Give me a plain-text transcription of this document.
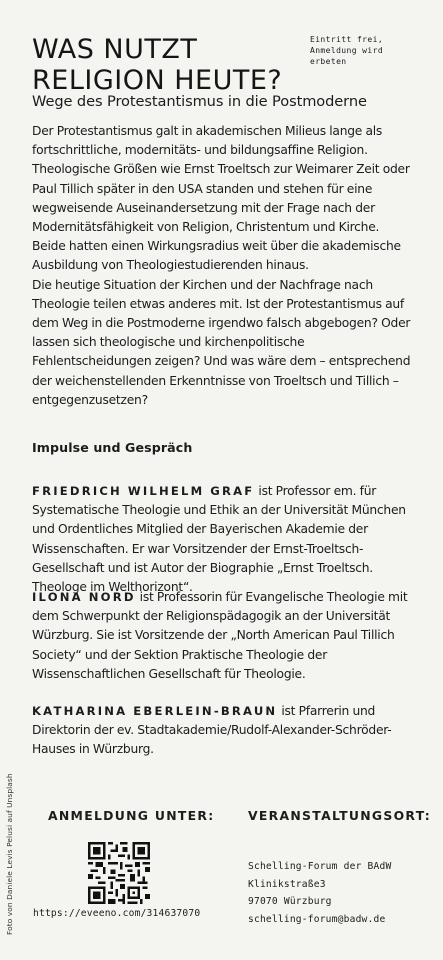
WAS NUTZT
RELIGION HEUTE?
Eintritt frei,
Anmeldung wird
erbeten
Wege des Protestantismus in die Postmoderne

Der Protestantismus galt in akademischen Milieus lange als fortschrittliche, modernitäts- und bildungsaffine Religion. Theologische Größen wie Ernst Troeltsch zur Weimarer Zeit oder Paul Tillich später in den USA standen und stehen für eine wegweisende Auseinandersetzung mit der Frage nach der Modernitätsfähigkeit von Religion, Christentum und Kirche. Beide hatten einen Wirkungsradius weit über die akademische Ausbildung von Theologiestudierenden hinaus.

Die heutige Situation der Kirchen und der Nachfrage nach Theologie teilen etwas anderes mit. Ist der Protestantismus auf dem Weg in die Postmoderne irgendwo falsch abgebogen? Oder lassen sich theologische und kirchenpolitische Fehlentscheidungen zeigen? Und was wäre dem – entsprechend der weichenstellenden Erkenntnisse von Troeltsch und Tillich – entgegenzusetzen?

Impulse und Gespräch

FRIEDRICH WILHELM GRAF ist Professor em. für Systematische Theologie und Ethik an der Universität München und Ordentliches Mitglied der Bayerischen Akademie der Wissenschaften. Er war Vorsitzender der Ernst-Troeltsch-Gesellschaft und ist Autor der Biographie „Ernst Troeltsch. Theologe im Welthorizont“.

ILONA NORD ist Professorin für Evangelische Theologie mit dem Schwerpunkt der Religionspädagogik an der Universität Würzburg. Sie ist Vorsitzende der „North American Paul Tillich Society“ und der Sektion Praktische Theologie der Wissenschaftlichen Gesellschaft für Theologie.

KATHARINA EBERLEIN-BRAUN ist Pfarrerin und Direktorin der ev. Stadtakademie/Rudolf-Alexander-Schröder-Hauses in Würzburg.

Foto von Daniele Levis Pelusi auf Unsplash	ANMELDUNG UNTER:	VERANSTALTUNGSORT:
https://eveeno.com/314637070
Schelling-Forum der BAdW
Klinikstraße3
97070 Würzburg
schelling-forum@badw.de
